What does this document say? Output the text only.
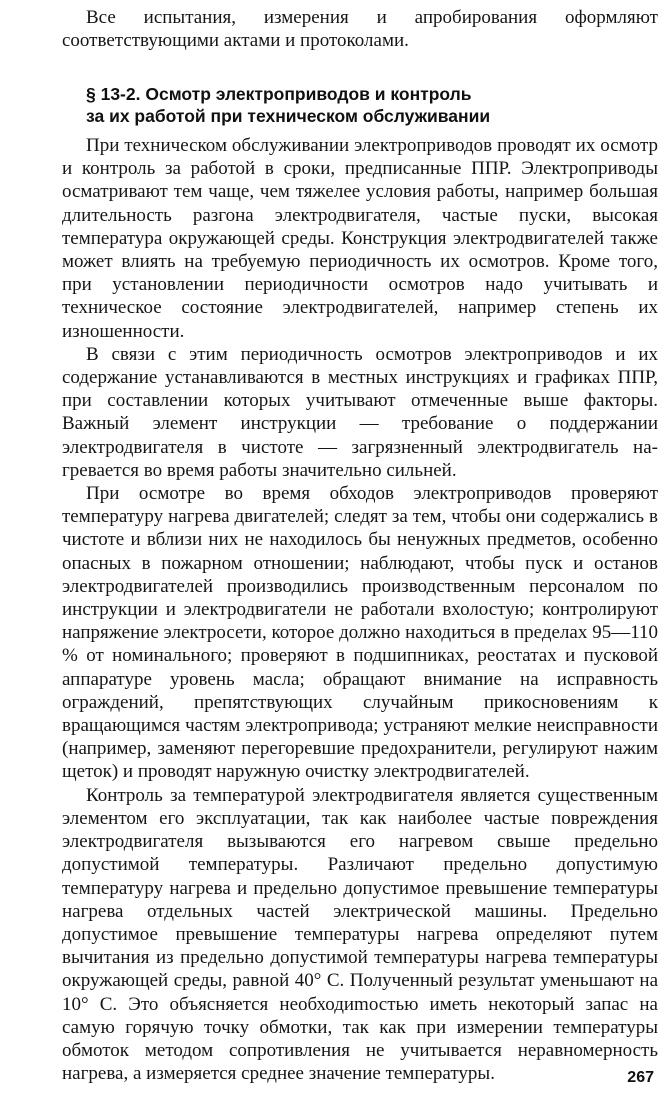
Все испытания, измерения и апробирования оформляют соответствующими актами и протоколами.

§ 13-2. Осмотр электроприводов и контроль
за их работой при техническом обслуживании

При техническом обслуживании электроприводов проводят их осмотр и контроль за работой в сроки, предписанные ППР. Электроприводы осматривают тем чаще, чем тяжелее условия работы, например большая длительность разгона электродвигателя, частые пуски, высокая температура окружающей среды. Конструкция электродвигателей также может влиять на требуемую периодичность их осмотров. Кроме того, при установлении периодичности осмотров надо учитывать и техническое состояние электродвигателей, например степень их изношенности.

В связи с этим периодичность осмотров электроприводов и их содержание устанавливаются в местных инструкциях и графиках ППР, при составлении которых учитывают отмеченные выше факторы. Важный элемент инструкции — требование о поддержании электродвигателя в чистоте — загрязненный электродвигатель нагревается во время работы значительно сильней.

При осмотре во время обходов электроприводов проверяют температуру нагрева двигателей; следят за тем, чтобы они содержались в чистоте и вблизи них не находилось бы ненужных предметов, особенно опасных в пожарном отношении; наблюдают, чтобы пуск и останов электродвигателей производились производственным персоналом по инструкции и электродвигатели не работали вхолостую; контролируют напряжение электросети, которое должно находиться в пределах 95—110 % от номинального; проверяют в подшипниках, реостатах и пусковой аппаратуре уровень масла; обращают внимание на исправность ограждений, препятствующих случайным прикосновениям к вращающимся частям электропривода; устраняют мелкие неисправности (например, заменяют перегоревшие предохранители, регулируют нажим щеток) и проводят наружную очистку электродвигателей.

Контроль за температурой электродвигателя является существенным элементом его эксплуатации, так как наиболее частые повреждения электродвигателя вызываются его нагревом свыше предельно допустимой температуры. Различают предельно допустимую температуру нагрева и предельно допустимое превышение температуры нагрева отдельных частей электрической машины. Предельно допустимое превышение температуры нагрева определяют путем вычитания из предельно допустимой температуры нагрева температуры окружающей среды, равной 40° С. Полученный результат уменьшают на 10° С. Это объясняется необходиmостью иметь некоторый запас на самую горячую точку обмотки, так как при измерении температуры обмоток методом сопротивления не учитывается неравномерность нагрева, а измеряется среднее значение температуры.	267
